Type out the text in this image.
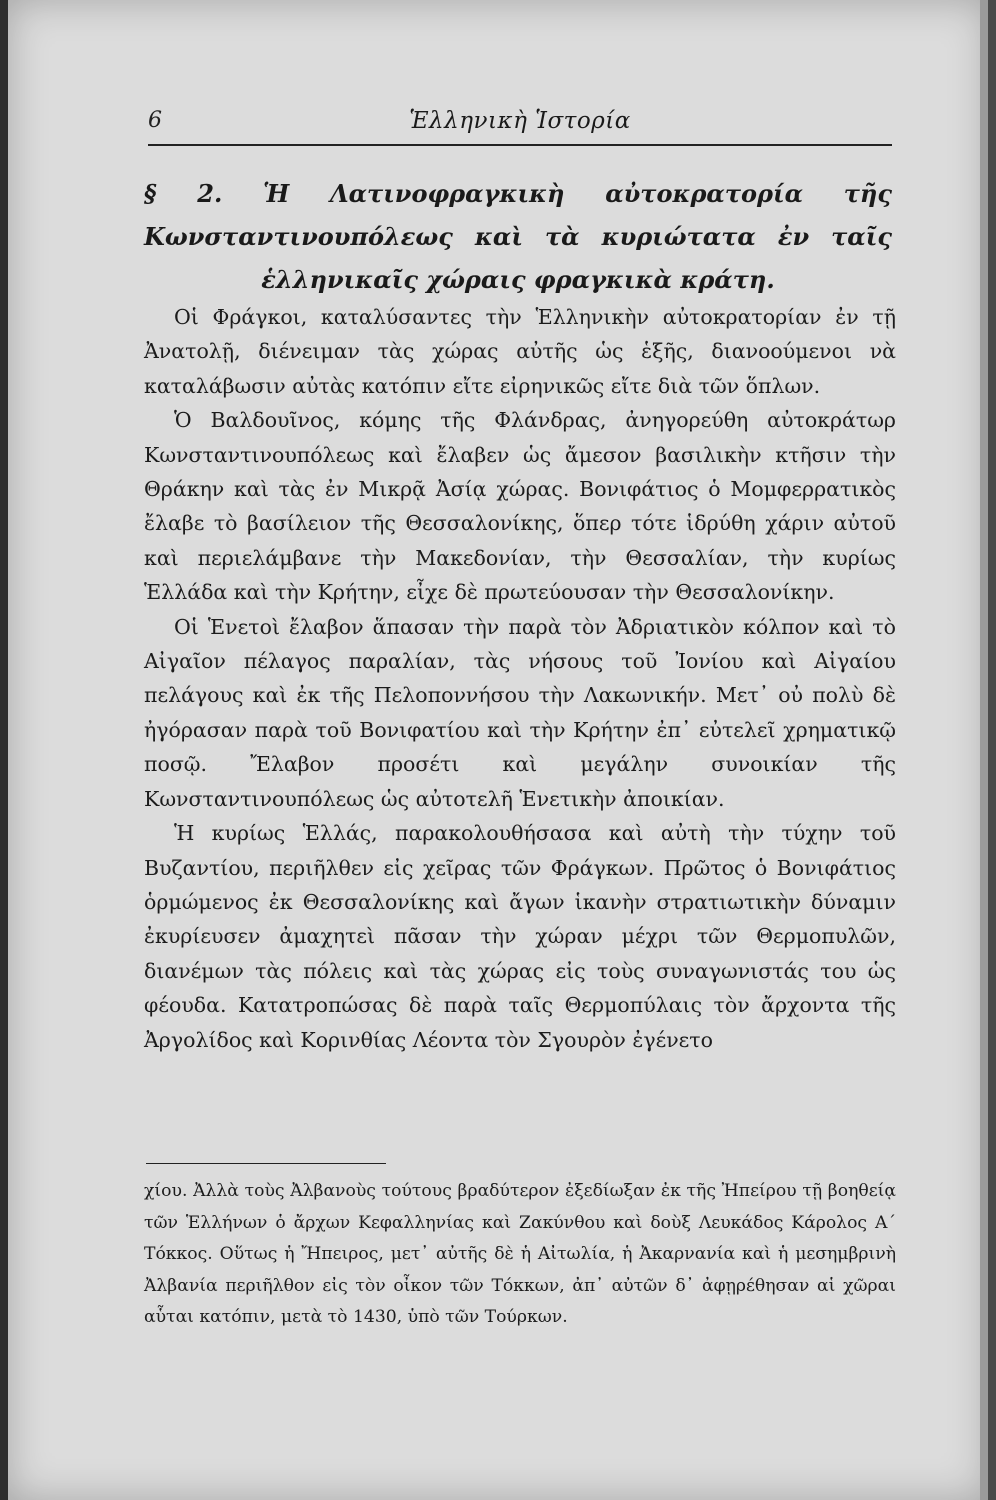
6	Ἑλληνικὴ Ἱστορία
§ 2. Ἡ Λατινοφραγκικὴ αὐτοκρατορία τῆς Κωνσταντινουπόλεως καὶ τὰ κυριώτατα ἐν ταῖς ἑλληνικαῖς χώραις φραγκικὰ κράτη.

Οἱ Φράγκοι, καταλύσαντες τὴν Ἑλληνικὴν αὐτοκρατορίαν ἐν τῇ Ἀνατολῇ, διένειμαν τὰς χώρας αὐτῆς ὡς ἑξῆς, διανοούμενοι νὰ καταλάβωσιν αὐτὰς κατόπιν εἴτε εἰρηνικῶς εἴτε διὰ τῶν ὅπλων.

Ὁ Βαλδουῖνος, κόμης τῆς Φλάνδρας, ἀνηγορεύθη αὐτοκράτωρ Κωνσταντινουπόλεως καὶ ἔλαβεν ὡς ἄμεσον βασιλικὴν κτῆσιν τὴν Θράκην καὶ τὰς ἐν Μικρᾷ Ἀσίᾳ χώρας. Βονιφάτιος ὁ Μομφερρατικὸς ἔλαβε τὸ βασίλειον τῆς Θεσσαλονίκης, ὅπερ τότε ἱδρύθη χάριν αὐτοῦ καὶ περιελάμβανε τὴν Μακεδονίαν, τὴν Θεσσαλίαν, τὴν κυρίως Ἑλλάδα καὶ τὴν Κρήτην, εἶχε δὲ πρωτεύουσαν τὴν Θεσσαλονίκην.

Οἱ Ἑνετοὶ ἔλαβον ἅπασαν τὴν παρὰ τὸν Ἀδριατικὸν κόλπον καὶ τὸ Αἰγαῖον πέλαγος παραλίαν, τὰς νήσους τοῦ Ἰονίου καὶ Αἰγαίου πελάγους καὶ ἐκ τῆς Πελοποννήσου τὴν Λακωνικήν. Μετ᾽ οὐ πολὺ δὲ ἠγόρασαν παρὰ τοῦ Βονιφατίου καὶ τὴν Κρήτην ἐπ᾽ εὐτελεῖ χρηματικῷ ποσῷ. Ἔλαβον προσέτι καὶ μεγάλην συνοικίαν τῆς Κωνσταντινουπόλεως ὡς αὐτοτελῆ Ἑνετικὴν ἀποικίαν.

Ἡ κυρίως Ἑλλάς, παρακολουθήσασα καὶ αὐτὴ τὴν τύχην τοῦ Βυζαντίου, περιῆλθεν εἰς χεῖρας τῶν Φράγκων. Πρῶτος ὁ Βονιφάτιος ὁρμώμενος ἐκ Θεσσαλονίκης καὶ ἄγων ἱκανὴν στρατιωτικὴν δύναμιν ἐκυρίευσεν ἀμαχητεὶ πᾶσαν τὴν χώραν μέχρι τῶν Θερμοπυλῶν, διανέμων τὰς πόλεις καὶ τὰς χώρας εἰς τοὺς συναγωνιστάς του ὡς φέουδα. Κατατροπώσας δὲ παρὰ ταῖς Θερμοπύλαις τὸν ἄρχοντα τῆς Ἀργολίδος καὶ Κορινθίας Λέοντα τὸν Σγουρὸν ἐγένετο

χίου. Ἀλλὰ τοὺς Ἀλβανοὺς τούτους βραδύτερον ἐξεδίωξαν ἐκ τῆς Ἠπείρου τῇ βοηθείᾳ τῶν Ἑλλήνων ὁ ἄρχων Κεφαλληνίας καὶ Ζακύνθου καὶ δοὺξ Λευκάδος Κάρολος Α΄ Τόκκος. Οὕτως ἡ Ἤπειρος, μετ᾽ αὐτῆς δὲ ἡ Αἰτωλία, ἡ Ἀκαρνανία καὶ ἡ μεσημβρινὴ Ἀλβανία περιῆλθον εἰς τὸν οἶκον τῶν Τόκκων, ἀπ᾽ αὐτῶν δ᾽ ἀφῃρέθησαν αἱ χῶραι αὗται κατόπιν, μετὰ τὸ 1430, ὑπὸ τῶν Τούρκων.
